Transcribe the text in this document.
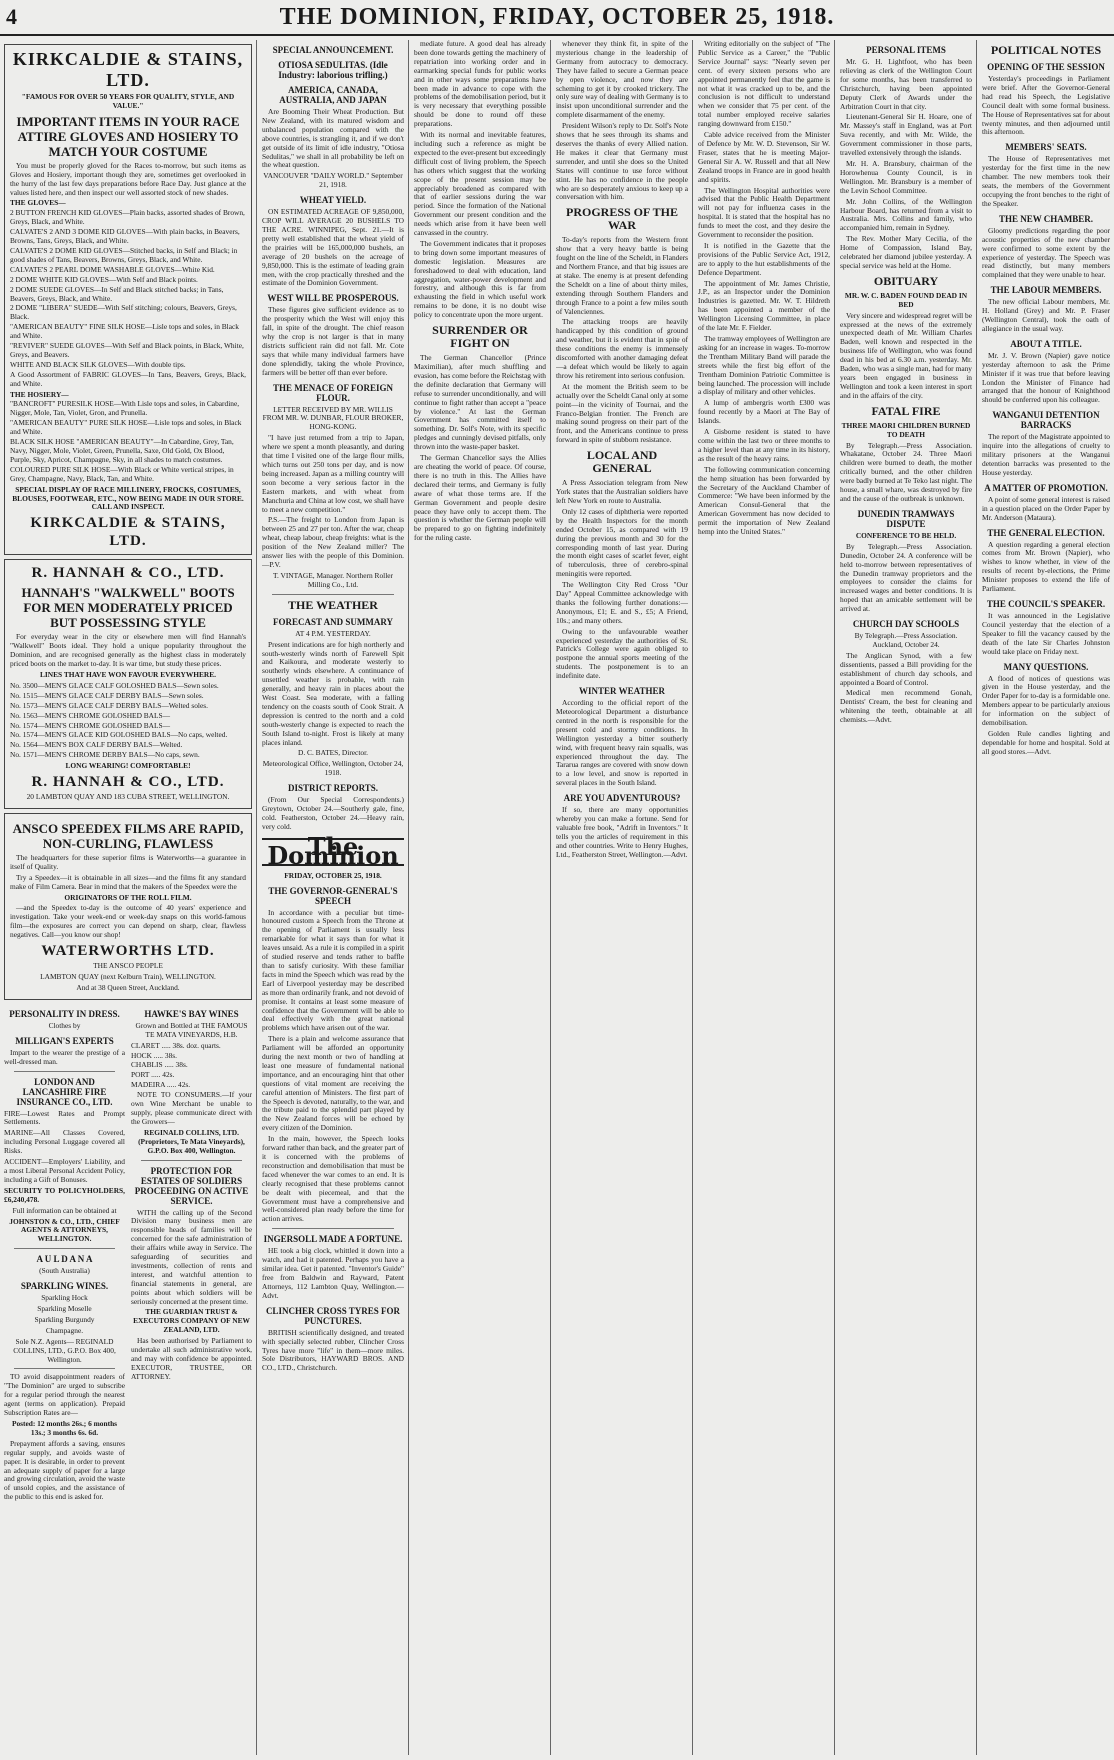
4	THE DOMINION, FRIDAY, OCTOBER 25, 1918.
KIRKCALDIE & STAINS, LTD.
"FAMOUS FOR OVER 50 YEARS FOR QUALITY, STYLE, AND VALUE."
IMPORTANT ITEMS IN YOUR RACE ATTIRE GLOVES AND HOSIERY TO MATCH YOUR COSTUME

You must be properly gloved for the Races to-morrow, but such items as Gloves and Hosiery, important though they are, sometimes get overlooked in the hurry of the last few days preparations before Race Day. Just glance at the values listed here, and then inspect our well assorted stock of new shades.

THE GLOVES—
2 BUTTON FRENCH KID GLOVES—Plain backs, assorted shades of Brown, Greys, Black, and White.
CALVATE'S 2 AND 3 DOME KID GLOVES—With plain backs, in Beavers, Browns, Tans, Greys, Black, and White.
CALVATE'S 2 DOME KID GLOVES—Stitched backs, in Self and Black; in good shades of Tans, Beavers, Browns, Greys, Black, and White.
CALVATE'S 2 PEARL DOME WASHABLE GLOVES—White Kid.
2 DOME WHITE KID GLOVES—With Self and Black points.
2 DOME SUEDE GLOVES—In Self and Black stitched backs; in Tans, Beavers, Greys, Black, and White.
2 DOME "LIBERA" SUEDE—With Self stitching; colours, Beavers, Greys, Black.
"AMERICAN BEAUTY" FINE SILK HOSE—Lisle tops and soles, in Black and White.
"REVIVER" SUEDE GLOVES—With Self and Black points, in Black, White, Greys, and Beavers.
WHITE AND BLACK SILK GLOVES—With double tips.

A Good Assortment of FABRIC GLOVES—In Tans, Beavers, Greys, Black, and White.

THE HOSIERY—
"BANCROFT" PURESILK HOSE—With Lisle tops and soles, in Cabardine, Nigger, Mole, Tan, Violet, Gron, and Prunella.
"AMERICAN BEAUTY" PURE SILK HOSE—Lisle tops and soles, in Black and White.
BLACK SILK HOSE "AMERICAN BEAUTY"—In Cabardine, Grey, Tan, Navy, Nigger, Mole, Violet, Green, Prunella, Saxe, Old Gold, Ox Blood, Purple, Sky, Apricot, Champagne, Sky, in all shades to match costumes.
COLOURED PURE SILK HOSE—With Black or White vertical stripes, in Grey, Champagne, Navy, Black, Tan, and White.
SPECIAL DISPLAY OF RACE MILLINERY, FROCKS, COSTUMES, BLOUSES, FOOTWEAR, ETC., NOW BEING MADE IN OUR STORE. CALL AND INSPECT.
KIRKCALDIE & STAINS, LTD.
R. HANNAH & CO., LTD.
HANNAH'S "WALKWELL" BOOTS FOR MEN MODERATELY PRICED BUT POSSESSING STYLE

For everyday wear in the city or elsewhere men will find Hannah's "Walkwell" Boots ideal. They hold a unique popularity throughout the Dominion, and are recognised generally as the highest class in moderately priced boots on the market to-day. It is war time, but study these prices.

LINES THAT HAVE WON FAVOUR EVERYWHERE.
No. 3500—MEN'S GLACE CALF GOLOSHED BALS—Sewn soles.
No. 1515—MEN'S GLACE CALF DERBY BALS—Sewn soles.
No. 1573—MEN'S GLACE CALF DERBY BALS—Welted soles.
No. 1563—MEN'S CHROME GOLOSHED BALS—
No. 1574—MEN'S CHROME GOLOSHED BALS—
No. 1574—MEN'S GLACE KID GOLOSHED BALS—No caps, welted.
No. 1564—MEN'S BOX CALF DERBY BALS—Welted.
No. 1571—MEN'S CHROME DERBY BALS—No caps, sewn.
LONG WEARING! COMFORTABLE!
R. HANNAH & CO., LTD.
20 LAMBTON QUAY AND 183 CUBA STREET, WELLINGTON.
ANSCO SPEEDEX FILMS ARE RAPID, NON-CURLING, FLAWLESS

The headquarters for these superior films is Waterworths—a guarantee in itself of Quality.

Try a Speedex—it is obtainable in all sizes—and the films fit any standard make of Film Camera. Bear in mind that the makers of the Speedex were the

ORIGINATORS OF THE ROLL FILM.

—and the Speedex to-day is the outcome of 40 years' experience and investigation. Take your week-end or week-day snaps on this world-famous film—the exposures are correct you can depend on sharp, clear, flawless negatives. Call—you know our shop!

WATERWORTHS LTD.
THE ANSCO PEOPLE
LAMBTON QUAY (next Kelburn Train), WELLINGTON.
And at 38 Queen Street, Auckland.
PERSONALITY IN DRESS.
Clothes by
MILLIGAN'S EXPERTS

Impart to the wearer the prestige of a well-dressed man.

LONDON AND LANCASHIRE FIRE INSURANCE CO., LTD.

FIRE—Lowest Rates and Prompt Settlements.

MARINE—All Classes Covered, including Personal Luggage covered all Risks.

ACCIDENT—Employers' Liability, and a most Liberal Personal Accident Policy, including a Gift of Bonuses.

SECURITY TO POLICYHOLDERS, £6,240,478.

Full information can be obtained at
JOHNSTON & CO., LTD., CHIEF AGENTS & ATTORNEYS, WELLINGTON.
A U L D A N A
(South Australia)
SPARKLING WINES.
Sparkling Hock
Sparkling Moselle
Sparkling Burgundy
Champagne.
Sole N.Z. Agents— REGINALD COLLINS, LTD., G.P.O. Box 400, Wellington.

TO avoid disappointment readers of "The Dominion" are urged to subscribe for a regular period through the nearest agent (terms on application). Prepaid Subscription Rates are—

Posted: 12 months 26s.; 6 months 13s.; 3 months 6s. 6d.

Prepayment affords a saving, ensures regular supply, and avoids waste of paper. It is desirable, in order to prevent an adequate supply of paper for a large and growing circulation, avoid the waste of unsold copies, and the assistance of the public to this end is asked for.

HAWKE'S BAY WINES
Grown and Bottled at THE FAMOUS TE MATA VINEYARDS, H.B.
CLARET ..... 38s. doz. quarts.
HOCK ..... 38s.
CHABLIS ..... 38s.
PORT ..... 42s.
MADEIRA ..... 42s.

NOTE TO CONSUMERS.—If your own Wine Merchant be unable to supply, please communicate direct with the Growers—

REGINALD COLLINS, LTD. (Proprietors, Te Mata Vineyards), G.P.O. Box 400, Wellington.
PROTECTION FOR ESTATES OF SOLDIERS PROCEEDING ON ACTIVE SERVICE.

WITH the calling up of the Second Division many business men are responsible heads of families will be concerned for the safe administration of their affairs while away in Service. The safeguarding of securities and investments, collection of rents and interest, and watchful attention to financial statements in general, are points about which soldiers will be seriously concerned at the present time.

THE GUARDIAN TRUST & EXECUTORS COMPANY OF NEW ZEALAND, LTD.

Has been authorised by Parliament to undertake all such administrative work, and may with confidence be appointed. EXECUTOR, TRUSTEE, OR ATTORNEY.

SPECIAL ANNOUNCEMENT.
OTIOSA SEDULITAS. (Idle Industry: laborious trifling.)
AMERICA, CANADA, AUSTRALIA, AND JAPAN

Are Booming Their Wheat Production. But New Zealand, with its matured wisdom and unbalanced population compared with the above countries, is strangling it, and if we don't get outside of its limit of idle industry, "Otiosa Sedulitas," we shall in all probability be left on the wheat question.

VANCOUVER "DAILY WORLD." September 21, 1918.
WHEAT YIELD.

ON ESTIMATED ACREAGE OF 9,850,000, CROP WILL AVERAGE 20 BUSHELS TO THE ACRE. WINNIPEG, Sept. 21.—It is pretty well established that the wheat yield of the prairies will be 165,000,000 bushels, an average of 20 bushels on the acreage of 9,850,000. This is the estimate of leading grain men, with the crop practically threshed and the estimate of the Dominion Government.

WEST WILL BE PROSPEROUS.

These figures give sufficient evidence as to the prosperity which the West will enjoy this fall, in spite of the drought. The chief reason why the crop is not larger is that in many districts sufficient rain did not fall. Mr. Cote says that while many individual farmers have done splendidly, taking the whole Province, farmers will be better off than ever before.

THE MENACE OF FOREIGN FLOUR.
LETTER RECEIVED BY MR. WILLIS FROM MR. W. DUNBAR, FLOUR BROKER, HONG-KONG.

"I have just returned from a trip to Japan, where we spent a month pleasantly, and during that time I visited one of the large flour mills, which turns out 250 tons per day, and is now being increased. Japan as a milling country will soon become a very serious factor in the Eastern markets, and with wheat from Manchuria and China at low cost, we shall have to meet a new competition."

P.S.—The freight to London from Japan is between 25 and 27 per ton. After the war, cheap wheat, cheap labour, cheap freights: what is the position of the New Zealand miller? The answer lies with the people of this Dominion.—P.V.

T. VINTAGE, Manager. Northern Roller Milling Co., Ltd.
THE WEATHER
FORECAST AND SUMMARY
AT 4 P.M. YESTERDAY.

Present indications are for high northerly and south-westerly winds north of Farewell Spit and Kaikoura, and moderate westerly to southerly winds elsewhere. A continuance of unsettled weather is probable, with rain generally, and heavy rain in places about the West Coast. Sea moderate, with a falling tendency on the coasts south of Cook Strait. A depression is centred to the north and a cold south-westerly change is expected to reach the South Island to-night. Frost is likely at many places inland.

D. C. BATES, Director.
Meteorological Office, Wellington, October 24, 1918.
DISTRICT REPORTS.

(From Our Special Correspondents.) Greytown, October 24.—Southerly gale, fine, cold. Featherston, October 24.—Heavy rain, very cold.

The Dominion
FRIDAY, OCTOBER 25, 1918.
THE GOVERNOR-GENERAL'S SPEECH

In accordance with a peculiar but time-honoured custom a Speech from the Throne at the opening of Parliament is usually less remarkable for what it says than for what it leaves unsaid. As a rule it is compiled in a spirit of studied reserve and tends rather to baffle than to satisfy curiosity. With these familiar facts in mind the Speech which was read by the Earl of Liverpool yesterday may be described as more than ordinarily frank, and not devoid of promise. It contains at least some measure of confidence that the Government will be able to deal effectively with the great national problems which have arisen out of the war.

There is a plain and welcome assurance that Parliament will be afforded an opportunity during the next month or two of handling at least one measure of fundamental national importance, and an encouraging hint that other questions of vital moment are receiving the careful attention of Ministers. The first part of the Speech is devoted, naturally, to the war, and the tribute paid to the splendid part played by the New Zealand forces will be echoed by every citizen of the Dominion.

In the main, however, the Speech looks forward rather than back, and the greater part of it is concerned with the problems of reconstruction and demobilisation that must be faced whenever the war comes to an end. It is clearly recognised that these problems cannot be dealt with piecemeal, and that the Government must have a comprehensive and well-considered plan ready before the time for action arrives.

INGERSOLL MADE A FORTUNE.

HE took a big clock, whittled it down into a watch, and had it patented. Perhaps you have a similar idea. Get it patented. "Inventor's Guide" free from Baldwin and Rayward, Patent Attorneys, 112 Lambton Quay, Wellington.—Advt.

CLINCHER CROSS TYRES FOR PUNCTURES.

BRITISH scientifically designed, and treated with specially selected rubber, Clincher Cross Tyres have more "life" in them—more miles. Sole Distributors, HAYWARD BROS. AND CO., LTD., Christchurch.

mediate future. A good deal has already been done towards getting the machinery of repatriation into working order and in earmarking special funds for public works and in other ways some preparations have been made in advance to cope with the problems of the demobilisation period, but it is very necessary that everything possible should be done to round off these preparations.

With its normal and inevitable features, including such a reference as might be expected to the ever-present but exceedingly difficult cost of living problem, the Speech has others which suggest that the working scope of the present session may be appreciably broadened as compared with that of earlier sessions during the war period. Since the formation of the National Government our present condition and the needs which arise from it have been well canvassed in the country.

The Government indicates that it proposes to bring down some important measures of domestic legislation. Measures are foreshadowed to deal with education, land aggregation, water-power development and forestry, and although this is far from exhausting the field in which useful work remains to be done, it is no doubt wise policy to concentrate upon the more urgent.

SURRENDER OR FIGHT ON

The German Chancellor (Prince Maximilian), after much shuffling and evasion, has come before the Reichstag with the definite declaration that Germany will refuse to surrender unconditionally, and will continue to fight rather than accept a "peace by violence." At last the German Government has committed itself to something. Dr. Solf's Note, with its specific pledges and cunningly devised pitfalls, only thrown into the waste-paper basket.

The German Chancellor says the Allies are cheating the world of peace. Of course, there is no truth in this. The Allies have declared their terms, and Germany is fully aware of what those terms are. If the German Government and people desire peace they have only to accept them. The question is whether the German people will be prepared to go on fighting indefinitely for the ruling caste.

whenever they think fit, in spite of the mysterious change in the leadership of Germany from autocracy to democracy. They have failed to secure a German peace by open violence, and now they are scheming to get it by crooked trickery. The only sure way of dealing with Germany is to insist upon unconditional surrender and the complete disarmament of the enemy.

President Wilson's reply to Dr. Solf's Note shows that he sees through its shams and deserves the thanks of every Allied nation. He makes it clear that Germany must surrender, and until she does so the United States will continue to use force without stint. He has no confidence in the people who are so desperately anxious to keep up a conversation with him.

PROGRESS OF THE WAR

To-day's reports from the Western front show that a very heavy battle is being fought on the line of the Scheldt, in Flanders and Northern France, and that big issues are at stake. The enemy is at present defending the Scheldt on a line of about thirty miles, extending through Southern Flanders and through France to a point a few miles south of Valenciennes.

The attacking troops are heavily handicapped by this condition of ground and weather, but it is evident that in spite of these conditions the enemy is immensely discomforted with another damaging defeat—a defeat which would be likely to again throw his retirement into serious confusion.

At the moment the British seem to be actually over the Scheldt Canal only at some point—in the vicinity of Tournai, and the Franco-Belgian frontier. The French are making sound progress on their part of the front, and the Americans continue to press forward in spite of stubborn resistance.

LOCAL AND GENERAL

A Press Association telegram from New York states that the Australian soldiers have left New York en route to Australia.

Only 12 cases of diphtheria were reported by the Health Inspectors for the month ended October 15, as compared with 19 during the previous month and 30 for the corresponding month of last year. During the month eight cases of scarlet fever, eight of tuberculosis, three of cerebro-spinal meningitis were reported.

The Wellington City Red Cross "Our Day" Appeal Committee acknowledge with thanks the following further donations:—Anonymous, £1; E. and S., £5; A Friend, 10s.; and many others.

Owing to the unfavourable weather experienced yesterday the authorities of St. Patrick's College were again obliged to postpone the annual sports meeting of the students. The postponement is to an indefinite date.

WINTER WEATHER

According to the official report of the Meteorological Department a disturbance centred in the north is responsible for the present cold and stormy conditions. In Wellington yesterday a bitter southerly wind, with frequent heavy rain squalls, was experienced throughout the day. The Tararua ranges are covered with snow down to a low level, and snow is reported in several places in the South Island.

ARE YOU ADVENTUROUS?

If so, there are many opportunities whereby you can make a fortune. Send for valuable free book, "Adrift in Inventors." It tells you the articles of requirement in this and other countries. Write to Henry Hughes, Ltd., Featherston Street, Wellington.—Advt.

Writing editorially on the subject of "The Public Service as a Career," the "Public Service Journal" says: "Nearly seven per cent. of every sixteen persons who are appointed permanently feel that the game is not what it was cracked up to be, and the conclusion is not difficult to understand when we consider that 75 per cent. of the total number employed receive salaries ranging downward from £150."

Cable advice received from the Minister of Defence by Mr. W. D. Stevenson, Sir W. Fraser, states that he is meeting Major-General Sir A. W. Russell and that all New Zealand troops in France are in good health and spirits.

The Wellington Hospital authorities were advised that the Public Health Department will not pay for influenza cases in the hospital. It is stated that the hospital has no funds to meet the cost, and they desire the Government to reconsider the position.

It is notified in the Gazette that the provisions of the Public Service Act, 1912, are to apply to the hut establishments of the Defence Department.

The appointment of Mr. James Christie, J.P., as an Inspector under the Dominion Industries is gazetted. Mr. W. T. Hildreth has been appointed a member of the Wellington Licensing Committee, in place of the late Mr. F. Fielder.

The tramway employees of Wellington are asking for an increase in wages. To-morrow the Trentham Military Band will parade the streets while the first big effort of the Trentham Dominion Patriotic Committee is being launched. The procession will include a display of military and other vehicles.

A lump of ambergris worth £300 was found recently by a Maori at The Bay of Islands.

A Gisborne resident is stated to have come within the last two or three months to a higher level than at any time in its history, as the result of the heavy rains.

The following communication concerning the hemp situation has been forwarded by the Secretary of the Auckland Chamber of Commerce: "We have been informed by the American Consul-General that the American Government has now decided to permit the importation of New Zealand hemp into the United States."

PERSONAL ITEMS

Mr. G. H. Lightfoot, who has been relieving as clerk of the Wellington Court for some months, has been transferred to Christchurch, having been appointed Deputy Clerk of Awards under the Arbitration Court in that city.

Lieutenant-General Sir H. Hoare, one of Mr. Massey's staff in England, was at Port Suva recently, and with Mr. Wilde, the Government commissioner in those parts, travelled extensively through the islands.

Mr. H. A. Bransbury, chairman of the Horowhenua County Council, is in Wellington. Mr. Bransbury is a member of the Levin School Committee.

Mr. John Collins, of the Wellington Harbour Board, has returned from a visit to Australia. Mrs. Collins and family, who accompanied him, remain in Sydney.

The Rev. Mother Mary Cecilia, of the Home of Compassion, Island Bay, celebrated her diamond jubilee yesterday. A special service was held at the Home.

OBITUARY
MR. W. C. BADEN FOUND DEAD IN BED

Very sincere and widespread regret will be expressed at the news of the extremely unexpected death of Mr. William Charles Baden, well known and respected in the business life of Wellington, who was found dead in his bed at 6.30 a.m. yesterday. Mr. Baden, who was a single man, had for many years been engaged in business in Wellington and took a keen interest in sport and in the affairs of the city.

FATAL FIRE
THREE MAORI CHILDREN BURNED TO DEATH

By Telegraph.—Press Association. Whakatane, October 24. Three Maori children were burned to death, the mother critically burned, and the other children were badly burned at Te Teko last night. The house, a small whare, was destroyed by fire and the cause of the outbreak is unknown.

DUNEDIN TRAMWAYS DISPUTE
CONFERENCE TO BE HELD.

By Telegraph.—Press Association. Dunedin, October 24. A conference will be held to-morrow between representatives of the Dunedin tramway proprietors and the employees to consider the claims for increased wages and better conditions. It is hoped that an amicable settlement will be arrived at.

CHURCH DAY SCHOOLS
By Telegraph.—Press Association. Auckland, October 24.

The Anglican Synod, with a few dissentients, passed a Bill providing for the establishment of church day schools, and appointed a Board of Control.

Medical men recommend Gonah, Dentists' Cream, the best for cleaning and whitening the teeth, obtainable at all chemists.—Advt.

POLITICAL NOTES
OPENING OF THE SESSION

Yesterday's proceedings in Parliament were brief. After the Governor-General had read his Speech, the Legislative Council dealt with some formal business. The House of Representatives sat for about twenty minutes, and then adjourned until this afternoon.

MEMBERS' SEATS.

The House of Representatives met yesterday for the first time in the new chamber. The new members took their seats, the members of the Government occupying the front benches to the right of the Speaker.

THE NEW CHAMBER.

Gloomy predictions regarding the poor acoustic properties of the new chamber were confirmed to some extent by the experience of yesterday. The Speech was read distinctly, but many members complained that they were unable to hear.

THE LABOUR MEMBERS.

The new official Labour members, Mr. H. Holland (Grey) and Mr. P. Fraser (Wellington Central), took the oath of allegiance in the usual way.

ABOUT A TITLE.

Mr. J. V. Brown (Napier) gave notice yesterday afternoon to ask the Prime Minister if it was true that before leaving London the Minister of Finance had arranged that the honour of Knighthood should be conferred upon his colleague.

WANGANUI DETENTION BARRACKS

The report of the Magistrate appointed to inquire into the allegations of cruelty to military prisoners at the Wanganui detention barracks was presented to the House yesterday.

A MATTER OF PROMOTION.

A point of some general interest is raised in a question placed on the Order Paper by Mr. Anderson (Mataura).

THE GENERAL ELECTION.

A question regarding a general election comes from Mr. Brown (Napier), who wishes to know whether, in view of the results of recent by-elections, the Prime Minister proposes to extend the life of Parliament.

THE COUNCIL'S SPEAKER.

It was announced in the Legislative Council yesterday that the election of a Speaker to fill the vacancy caused by the death of the late Sir Charles Johnston would take place on Friday next.

MANY QUESTIONS.

A flood of notices of questions was given in the House yesterday, and the Order Paper for to-day is a formidable one. Members appear to be particularly anxious for information on the subject of demobilisation.

Golden Rule candles lighting and dependable for home and hospital. Sold at all good stores.—Advt.
